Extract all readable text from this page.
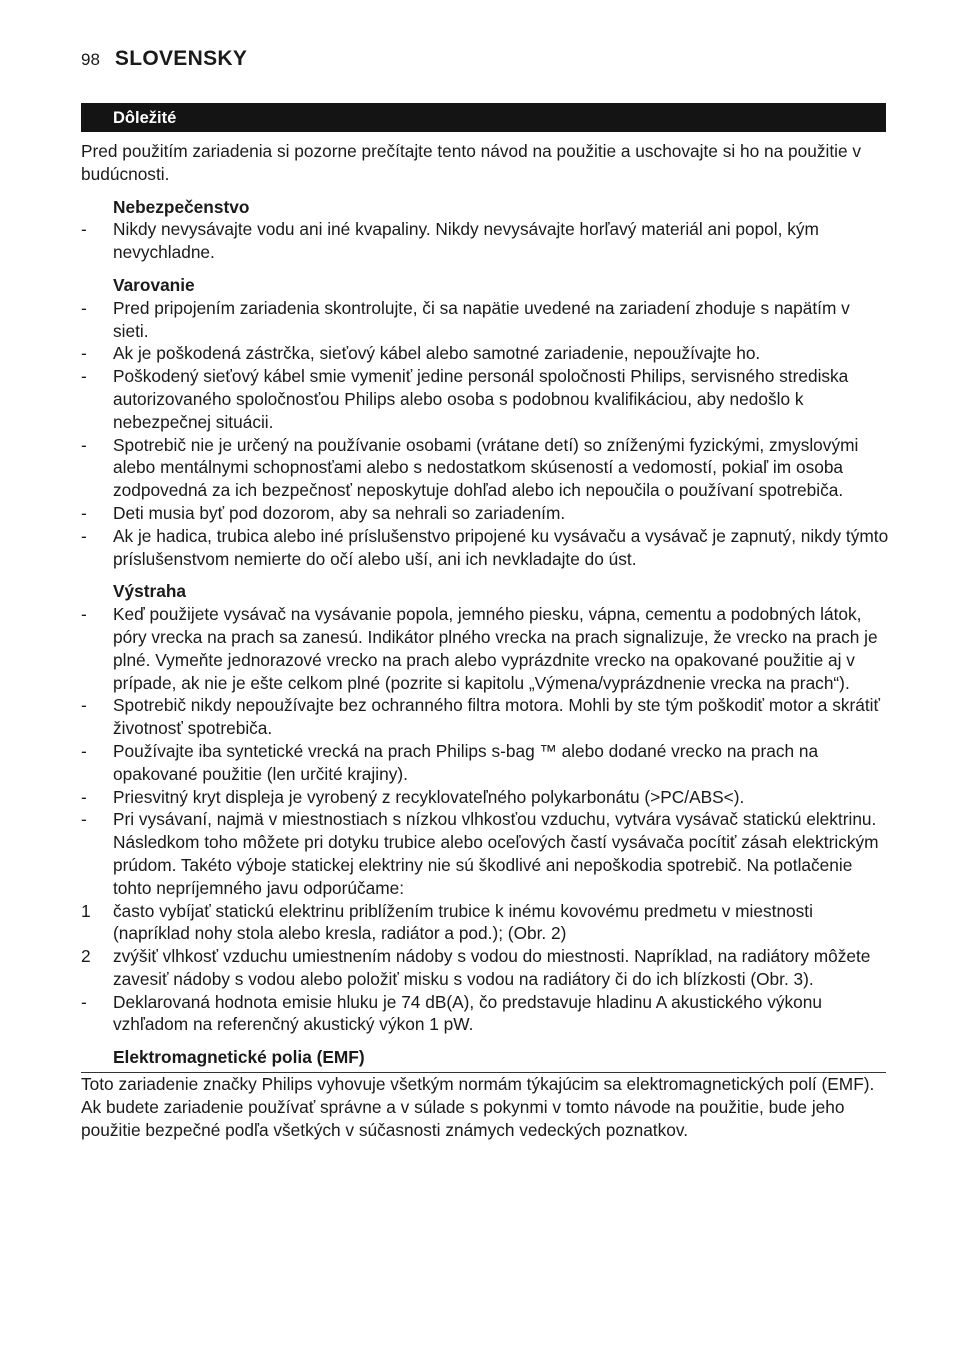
98 SLOVENSKY
Dôležité

Pred použitím zariadenia si pozorne prečítajte tento návod na použitie a uschovajte si ho na použitie v budúcnosti.

Nebezpečenstvo
-	Nikdy nevysávajte vodu ani iné kvapaliny. Nikdy nevysávajte horľavý materiál ani popol, kým nevychladne.
Varovanie
-	Pred pripojením zariadenia skontrolujte, či sa napätie uvedené na zariadení zhoduje s napätím v sieti.
-	Ak je poškodená zástrčka, sieťový kábel alebo samotné zariadenie, nepoužívajte ho.
-	Poškodený sieťový kábel smie vymeniť jedine personál spoločnosti Philips, servisného strediska autorizovaného spoločnosťou Philips alebo osoba s podobnou kvalifikáciou, aby nedošlo k nebezpečnej situácii.
-	Spotrebič nie je určený na používanie osobami (vrátane detí) so zníženými fyzickými, zmyslovými alebo mentálnymi schopnosťami alebo s nedostatkom skúseností a vedomostí, pokiaľ im osoba zodpovedná za ich bezpečnosť neposkytuje dohľad alebo ich nepoučila o používaní spotrebiča.
-	Deti musia byť pod dozorom, aby sa nehrali so zariadením.
-	Ak je hadica, trubica alebo iné príslušenstvo pripojené ku vysávaču a vysávač je zapnutý, nikdy týmto príslušenstvom nemierte do očí alebo uší, ani ich nevkladajte do úst.
Výstraha
-	Keď použijete vysávač na vysávanie popola, jemného piesku, vápna, cementu a podobných látok, póry vrecka na prach sa zanesú. Indikátor plného vrecka na prach signalizuje, že vrecko na prach je plné. Vymeňte jednorazové vrecko na prach alebo vyprázdnite vrecko na opakované použitie aj v prípade, ak nie je ešte celkom plné (pozrite si kapitolu „Výmena/vyprázdnenie vrecka na prach“).
-	Spotrebič nikdy nepoužívajte bez ochranného filtra motora. Mohli by ste tým poškodiť motor a skrátiť životnosť spotrebiča.
-	Používajte iba syntetické vrecká na prach Philips s-bag ™ alebo dodané vrecko na prach na opakované použitie (len určité krajiny).
-	Priesvitný kryt displeja je vyrobený z recyklovateľného polykarbonátu (>PC/ABS<).
-	Pri vysávaní, najmä v miestnostiach s nízkou vlhkosťou vzduchu, vytvára vysávač statickú elektrinu. Následkom toho môžete pri dotyku trubice alebo oceľových častí vysávača pocítiť zásah elektrickým prúdom. Takéto výboje statickej elektriny nie sú škodlivé ani nepoškodia spotrebič. Na potlačenie tohto nepríjemného javu odporúčame:
1	často vybíjať statickú elektrinu priblížením trubice k inému kovovému predmetu v miestnosti (napríklad nohy stola alebo kresla, radiátor a pod.); (Obr. 2)
2	zvýšiť vlhkosť vzduchu umiestnením nádoby s vodou do miestnosti. Napríklad, na radiátory môžete zavesiť nádoby s vodou alebo položiť misku s vodou na radiátory či do ich blízkosti (Obr. 3).
-	Deklarovaná hodnota emisie hluku je 74 dB(A), čo predstavuje hladinu A akustického výkonu vzhľadom na referenčný akustický výkon 1 pW.
Elektromagnetické polia (EMF)

Toto zariadenie značky Philips vyhovuje všetkým normám týkajúcim sa elektromagnetických polí (EMF). Ak budete zariadenie používať správne a v súlade s pokynmi v tomto návode na použitie, bude jeho použitie bezpečné podľa všetkých v súčasnosti známych vedeckých poznatkov.
